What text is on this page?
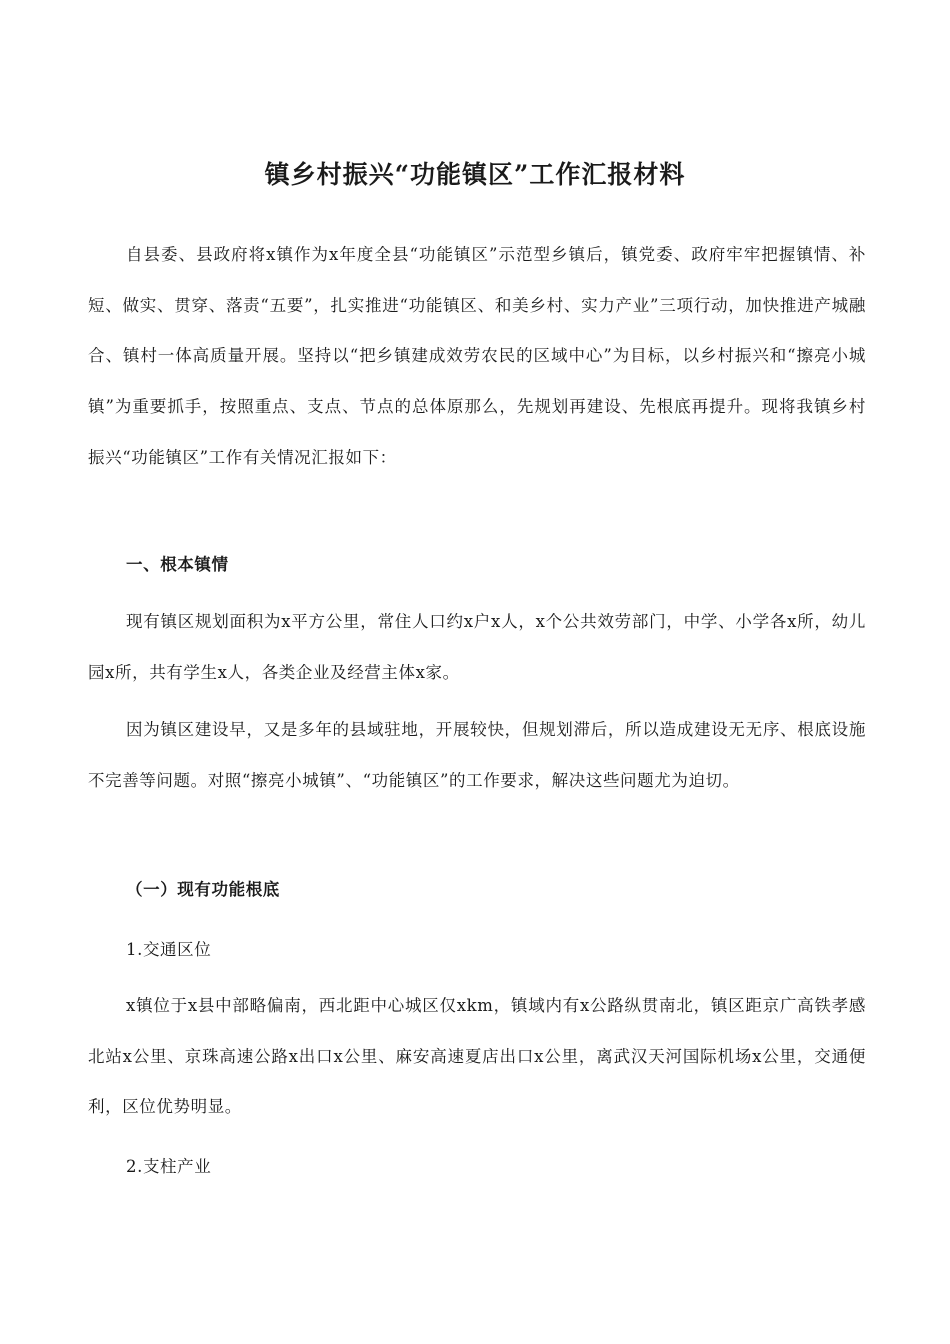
镇乡村振兴“功能镇区”工作汇报材料

自县委、县政府将x镇作为x年度全县“功能镇区”示范型乡镇后，镇党委、政府牢牢把握镇情、补短、做实、贯穿、落责“五要”，扎实推进“功能镇区、和美乡村、实力产业”三项行动，加快推进产城融合、镇村一体高质量开展。坚持以“把乡镇建成效劳农民的区域中心”为目标，以乡村振兴和“擦亮小城镇”为重要抓手，按照重点、支点、节点的总体原那么，先规划再建设、先根底再提升。现将我镇乡村振兴“功能镇区”工作有关情况汇报如下：

一、根本镇情

现有镇区规划面积为x平方公里，常住人口约x户x人，x个公共效劳部门，中学、小学各x所，幼儿园x所，共有学生x人，各类企业及经营主体x家。

因为镇区建设早，又是多年的县域驻地，开展较快，但规划滞后，所以造成建设无无序、根底设施不完善等问题。对照“擦亮小城镇”、“功能镇区”的工作要求，解决这些问题尤为迫切。

（一）现有功能根底

1.交通区位

x镇位于x县中部略偏南，西北距中心城区仅xkm，镇域内有x公路纵贯南北，镇区距京广高铁孝感北站x公里、京珠高速公路x出口x公里、麻安高速夏店出口x公里，离武汉天河国际机场x公里，交通便利，区位优势明显。

2.支柱产业
